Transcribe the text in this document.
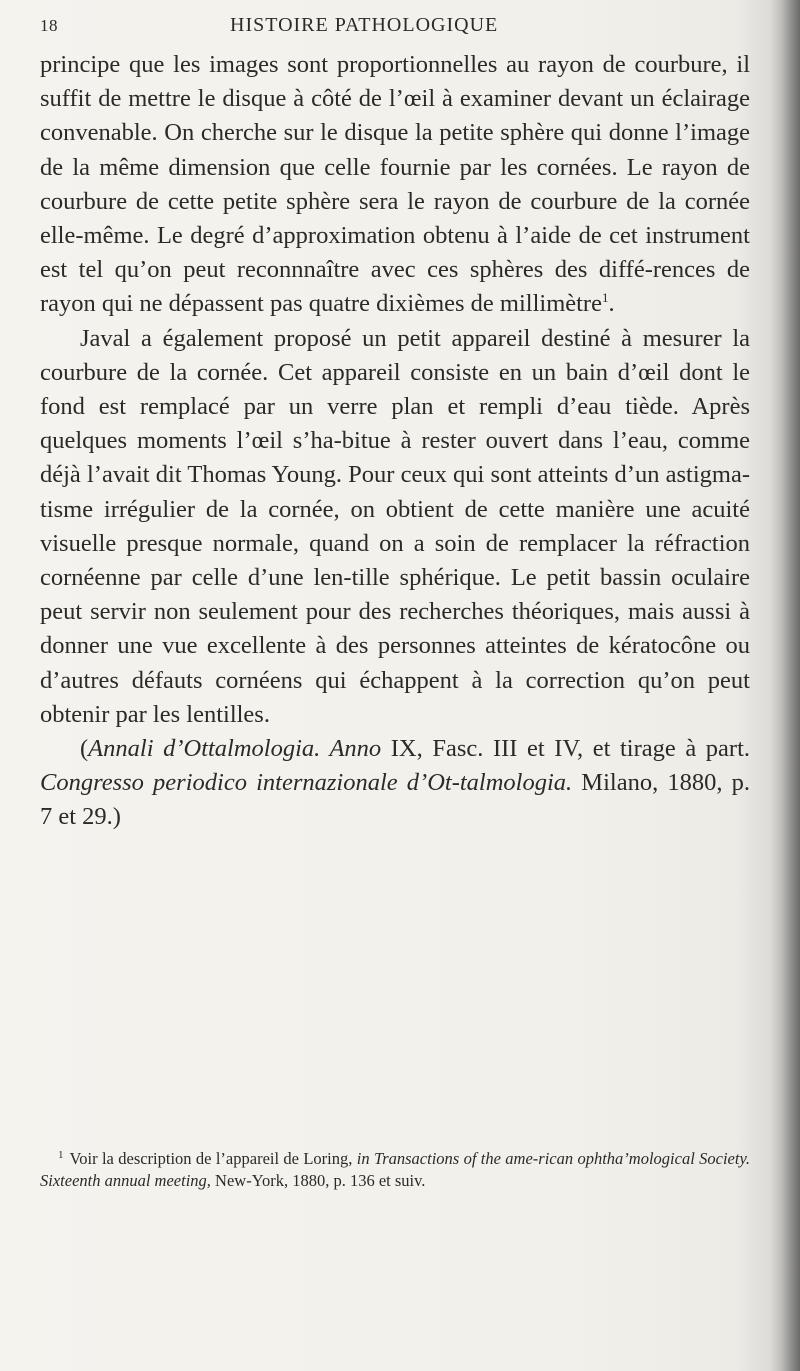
18	HISTOIRE PATHOLOGIQUE

principe que les images sont proportionnelles au rayon de courbure, il suffit de mettre le disque à côté de l’œil à examiner devant un éclairage convenable. On cherche sur le disque la petite sphère qui donne l’image de la même dimension que celle fournie par les cornées. Le rayon de courbure de cette petite sphère sera le rayon de courbure de la cornée elle-même. Le degré d’approximation obtenu à l’aide de cet instrument est tel qu’on peut reconnnaître avec ces sphères des diffé-rences de rayon qui ne dépassent pas quatre dixièmes de millimètre$^1$.

Javal a également proposé un petit appareil destiné à mesurer la courbure de la cornée. Cet appareil consiste en un bain d’œil dont le fond est remplacé par un verre plan et rempli d’eau tiède. Après quelques moments l’œil s’ha-bitue à rester ouvert dans l’eau, comme déjà l’avait dit Thomas Young. Pour ceux qui sont atteints d’un astigma-tisme irrégulier de la cornée, on obtient de cette manière une acuité visuelle presque normale, quand on a soin de remplacer la réfraction cornéenne par celle d’une len-tille sphérique. Le petit bassin oculaire peut servir non seulement pour des recherches théoriques, mais aussi à donner une vue excellente à des personnes atteintes de kératocône ou d’autres défauts cornéens qui échappent à la correction qu’on peut obtenir par les lentilles.

(Annali d’Ottalmologia. Anno IX, Fasc. III et IV, et tirage à part. Congresso periodico internazionale d’Ot-talmologia. Milano, 1880, p. 7 et 29.)

$^1$ Voir la description de l’appareil de Loring, in Transactions of the ame-rican ophtha’mological Society. Sixteenth annual meeting, New-York, 1880, p. 136 et suiv.
